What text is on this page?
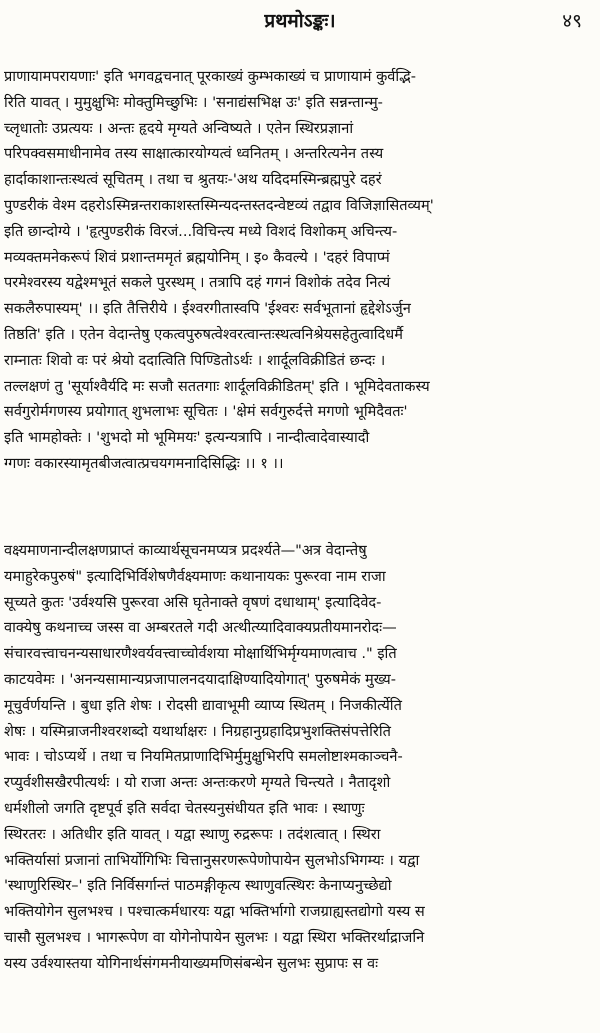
प्रथमोऽङ्कः।	४९
प्राणायामपरायणाः' इति भगवद्वचनात् पूरकाख्यं कुम्भकाख्यं च प्राणायामं कुर्वद्भि-
रिति यावत् । मुमुक्षुभिः मोक्तुमिच्छुभिः । 'सनाद्यंसभिक्ष उः' इति सन्नन्तान्मु-
च्लृधातोः उप्रत्ययः । अन्तः हृदये मृग्यते अन्विष्यते । एतेन स्थिरप्रज्ञानां
परिपक्वसमाधीनामेव तस्य साक्षात्कारयोग्यत्वं ध्वनितम् । अन्तरित्यनेन तस्य
हार्दाकाशान्तःस्थत्वं सूचितम् । तथा च श्रुतयः-'अथ यदिदमस्मिन्ब्रह्मपुरे दहरं
पुण्डरीकं वेश्म दहरोऽस्मिन्नन्तराकाशस्तस्मिन्यदन्तस्तदन्वेष्टव्यं तद्वाव विजिज्ञासितव्यम्'
इति छान्दोग्ये । 'हृत्पुण्डरीकं विरजं...विचिन्त्य मध्ये विशदं विशोकम् अचिन्त्य-
मव्यक्तमनेकरूपं शिवं प्रशान्तममृतं ब्रह्मयोनिम् । इ० कैवल्ये । 'दहरं विपाप्मं
परमेश्वरस्य यद्वेश्मभूतं सकले पुरस्थम् । तत्रापि दहं गगनं विशोकं तदेव नित्यं
सकलैरुपास्यम्' ।। इति तैत्तिरीये । ईश्वरगीतास्वपि 'ईश्वरः सर्वभूतानां हृद्देशेऽर्जुन
तिष्ठति' इति । एतेन वेदान्तेषु एकत्वपुरुषत्वेश्वरत्वान्तःस्थत्वनिश्रेयसहेतुत्वादिधर्मै
राम्नातः शिवो वः परं श्रेयो ददात्विति पिण्डितोऽर्थः । शार्दूलविक्रीडितं छन्दः ।
तल्लक्षणं तु 'सूर्याश्वैर्यदि मः सजौ सततगाः शार्दूलविक्रीडितम्' इति । भूमिदेवताकस्य
सर्वगुरोर्मगणस्य प्रयोगात् शुभलाभः सूचितः । 'क्षेमं सर्वगुरुर्दत्ते मगणो भूमिदैवतः'
इति भामहोक्तेः । 'शुभदो मो भूमिमयः' इत्यन्यत्रापि । नान्दीत्वादेवास्यादौ
ग्गणः वकारस्यामृतबीजत्वात्प्रचयगमनादिसिद्धिः ।। १ ।।
वक्ष्यमाणनान्दीलक्षणप्राप्तं काव्यार्थसूचनमप्यत्र प्रदर्श्यते—"अत्र वेदान्तेषु
यमाहुरेकपुरुषं" इत्यादिभिर्विशेषणैर्वक्ष्यमाणः कथानायकः पुरूरवा नाम राजा
सूच्यते कुतः 'उर्वश्यसि पुरूरवा असि घृतेनाक्ते वृषणं दधाथाम्' इत्यादिवेद-
वाक्येषु कथनाच्च जस्स वा अम्बरतले गदी अत्थीत्य्यादिवाक्यप्रतीयमानरोदः—
संचारवत्त्वाचनन्यसाधारणैश्वर्यवत्त्वाच्चोर्वशया मोक्षार्थिभिर्मृग्यमाणत्वाच ." इति
काटयवेमः । 'अनन्यसामान्यप्रजापालनदयादाक्षिण्यादियोगात्' पुरुषमेकं मुख्य-
मूचुर्वर्णयन्ति । बुधा इति शेषः । रोदसी द्यावाभूमी व्याप्य स्थितम् । निजकीर्त्येति
शेषः । यस्मिन्राजनीश्वरशब्दो यथार्थाक्षरः । निग्रहानुग्रहादिप्रभुशक्तिसंपत्तेरिति
भावः । चोऽप्यर्थे । तथा च नियमितप्राणादिभिर्मुमुक्षुभिरपि समलोष्टाश्मकाञ्चनै-
रप्युर्वशीसखैरपीत्यर्थः । यो राजा अन्तः अन्तःकरणे मृग्यते चिन्त्यते । नैतादृशो
धर्मशीलो जगति दृष्टपूर्व इति सर्वदा चेतस्यनुसंधीयत इति भावः । स्थाणुः
स्थिरतरः । अतिधीर इति यावत् । यद्वा स्थाणु रुद्ररूपः । तदंशत्वात् । स्थिरा
भक्तिर्यासां प्रजानां ताभिर्योगिभिः चित्तानुसरणरूपेणोपायेन सुलभोऽभिगम्यः । यद्वा
'स्थाणुरिस्थिर–' इति निर्विसर्गान्तं पाठमङ्गीकृत्य स्थाणुवत्स्थिरः केनाप्यनुच्छेद्यो
भक्तियोगेन सुलभश्च । पश्चात्कर्मधारयः यद्वा भक्तिर्भागो राजग्राह्यस्तद्योगो यस्य स
चासौ सुलभश्च । भागरूपेण वा योगेनोपायेन सुलभः । यद्वा स्थिरा भक्तिरर्थाद्राजनि
यस्य उर्वश्यास्तया योगिनार्थसंगमनीयाख्यमणिसंबन्धेन सुलभः सुप्रापः स वः
